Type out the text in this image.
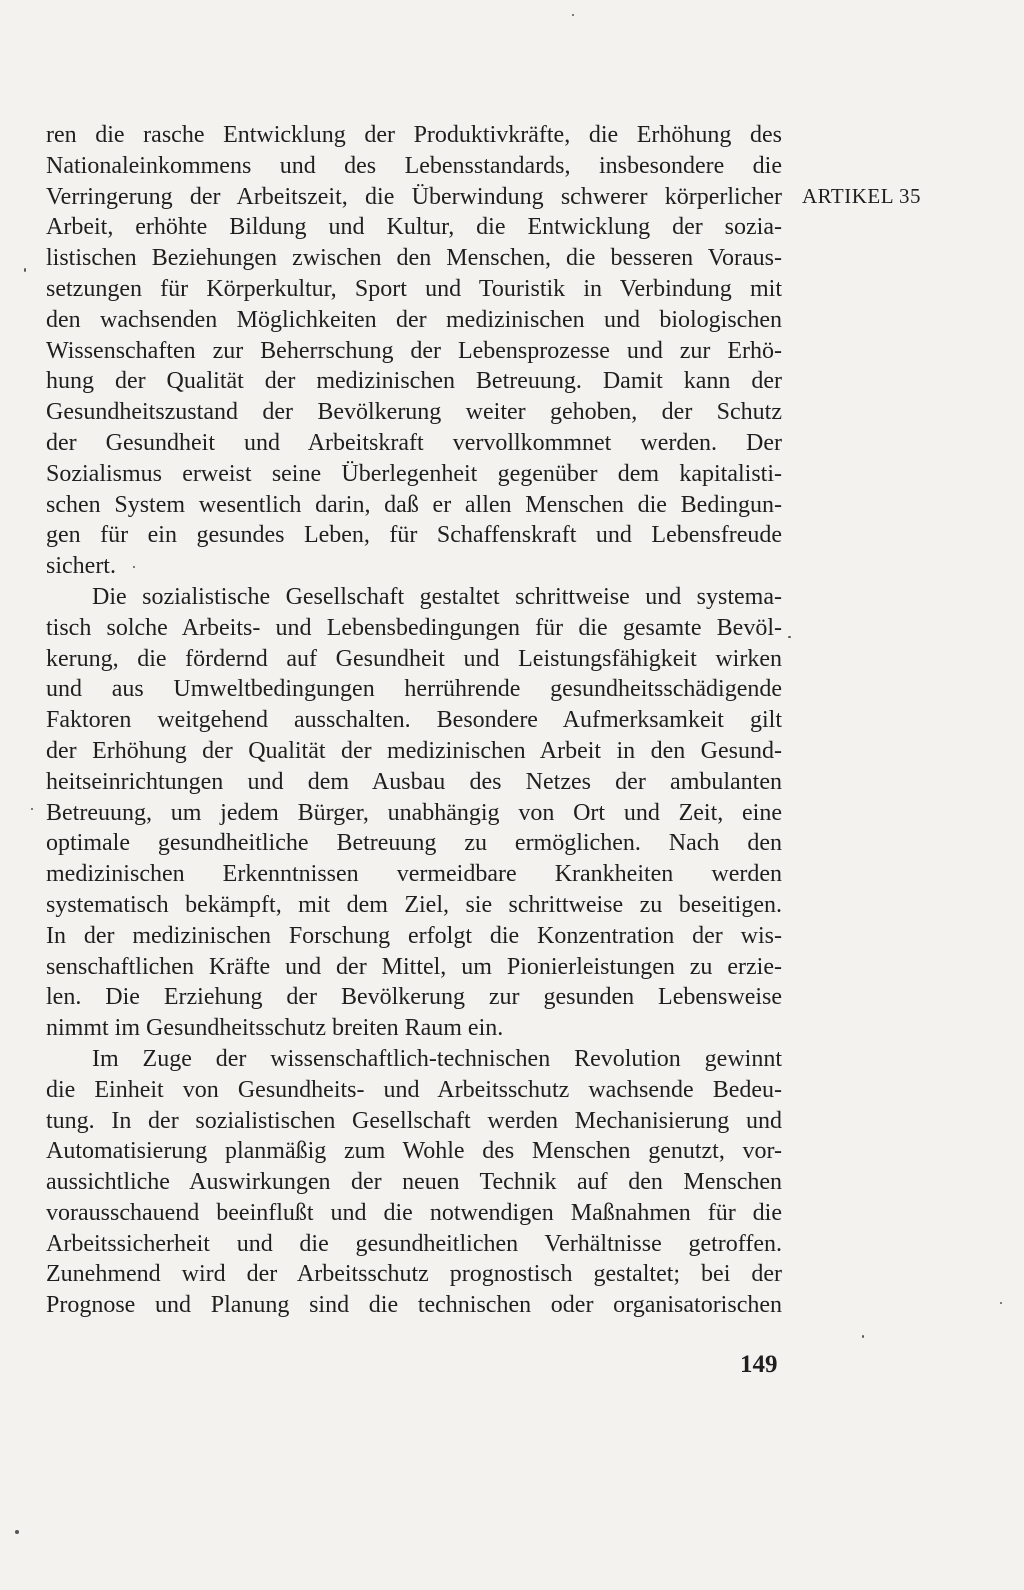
ren die rasche Entwicklung der Produktivkräfte, die Erhöhung des
Nationaleinkommens und des Lebensstandards, insbesondere die
Verringerung der Arbeitszeit, die Überwindung schwerer körperlicher
Arbeit, erhöhte Bildung und Kultur, die Entwicklung der sozia-
listischen Beziehungen zwischen den Menschen, die besseren Voraus-
setzungen für Körperkultur, Sport und Touristik in Verbindung mit
den wachsenden Möglichkeiten der medizinischen und biologischen
Wissenschaften zur Beherrschung der Lebensprozesse und zur Erhö-
hung der Qualität der medizinischen Betreuung. Damit kann der
Gesundheitszustand der Bevölkerung weiter gehoben, der Schutz
der Gesundheit und Arbeitskraft vervollkommnet werden. Der
Sozialismus erweist seine Überlegenheit gegenüber dem kapitalisti-
schen System wesentlich darin, daß er allen Menschen die Bedingun-
gen für ein gesundes Leben, für Schaffenskraft und Lebensfreude
sichert.
Die sozialistische Gesellschaft gestaltet schrittweise und systema-
tisch solche Arbeits- und Lebensbedingungen für die gesamte Bevöl-
kerung, die fördernd auf Gesundheit und Leistungsfähigkeit wirken
und aus Umweltbedingungen herrührende gesundheitsschädigende
Faktoren weitgehend ausschalten. Besondere Aufmerksamkeit gilt
der Erhöhung der Qualität der medizinischen Arbeit in den Gesund-
heitseinrichtungen und dem Ausbau des Netzes der ambulanten
Betreuung, um jedem Bürger, unabhängig von Ort und Zeit, eine
optimale gesundheitliche Betreuung zu ermöglichen. Nach den
medizinischen Erkenntnissen vermeidbare Krankheiten werden
systematisch bekämpft, mit dem Ziel, sie schrittweise zu beseitigen.
In der medizinischen Forschung erfolgt die Konzentration der wis-
senschaftlichen Kräfte und der Mittel, um Pionierleistungen zu erzie-
len. Die Erziehung der Bevölkerung zur gesunden Lebensweise
nimmt im Gesundheitsschutz breiten Raum ein.
Im Zuge der wissenschaftlich-technischen Revolution gewinnt
die Einheit von Gesundheits- und Arbeitsschutz wachsende Bedeu-
tung. In der sozialistischen Gesellschaft werden Mechanisierung und
Automatisierung planmäßig zum Wohle des Menschen genutzt, vor-
aussichtliche Auswirkungen der neuen Technik auf den Menschen
vorausschauend beeinflußt und die notwendigen Maßnahmen für die
Arbeitssicherheit und die gesundheitlichen Verhältnisse getroffen.
Zunehmend wird der Arbeitsschutz prognostisch gestaltet; bei der
Prognose und Planung sind die technischen oder organisatorischen
ARTIKEL 35
149
